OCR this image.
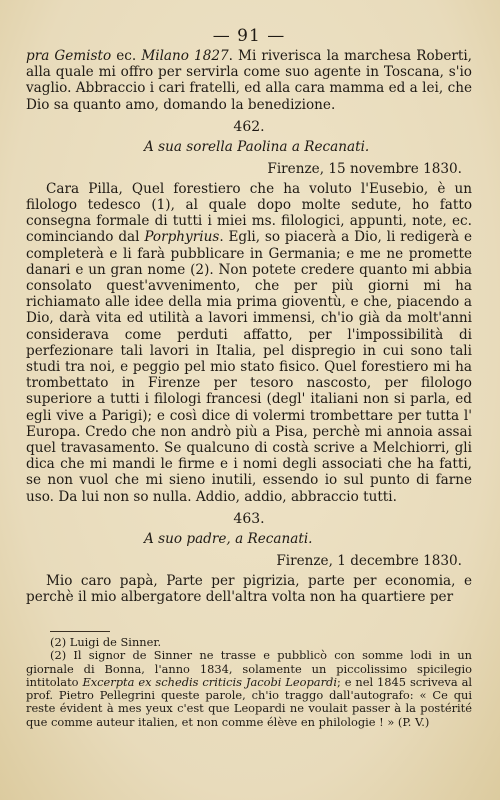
— 91 —

pra Gemisto ec. Milano 1827. Mi riverisca la marchesa Roberti, alla quale mi offro per servirla come suo agente in Toscana, s'io vaglio. Abbraccio i cari fratelli, ed alla cara mamma ed a lei, che Dio sa quanto amo, domando la benedizione.

462.
A sua sorella Paolina a Recanati.
Firenze, 15 novembre 1830.

Cara Pilla, Quel forestiero che ha voluto l'Eusebio, è un filologo tedesco (1), al quale dopo molte sedute, ho fatto consegna formale di tutti i miei ms. filologici, appunti, note, ec. cominciando dal Porphyrius. Egli, so piacerà a Dio, li redigerà e completerà e li farà pubblicare in Germania; e me ne promette danari e un gran nome (2). Non potete credere quanto mi abbia consolato quest'avvenimento, che per più giorni mi ha richiamato alle idee della mia prima gioventù, e che, piacendo a Dio, darà vita ed utilità a lavori immensi, ch'io già da molt'anni considerava come perduti affatto, per l'impossibilità di perfezionare tali lavori in Italia, pel dispregio in cui sono tali studi tra noi, e peggio pel mio stato fisico. Quel forestiero mi ha trombettato in Firenze per tesoro nascosto, per filologo superiore a tutti i filologi francesi (degl' italiani non si parla, ed egli vive a Parigi); e così dice di volermi trombettare per tutta l' Europa. Credo che non andrò più a Pisa, perchè mi annoia assai quel travasamento. Se qualcuno di costà scrive a Melchiorri, gli dica che mi mandi le firme e i nomi degli associati che ha fatti, se non vuol che mi sieno inutili, essendo io sul punto di farne uso. Da lui non so nulla. Addio, addio, abbraccio tutti.

463.
A suo padre, a Recanati.
Firenze, 1 decembre 1830.

Mio caro papà, Parte per pigrizia, parte per economia, e perchè il mio albergatore dell'altra volta non ha quartiere per

(2) Luigi de Sinner.

(2) Il signor de Sinner ne trasse e pubblicò con somme lodi in un giornale di Bonna, l'anno 1834, solamente un piccolissimo spicilegio intitolato Excerpta ex schedis criticis Jacobi Leopardi; e nel 1845 scriveva al prof. Pietro Pellegrini queste parole, ch'io traggo dall'autografo: « Ce qui reste évident à mes yeux c'est que Leopardi ne voulait passer à la postérité que comme auteur italien, et non comme élève en philologie ! » (P. V.)
